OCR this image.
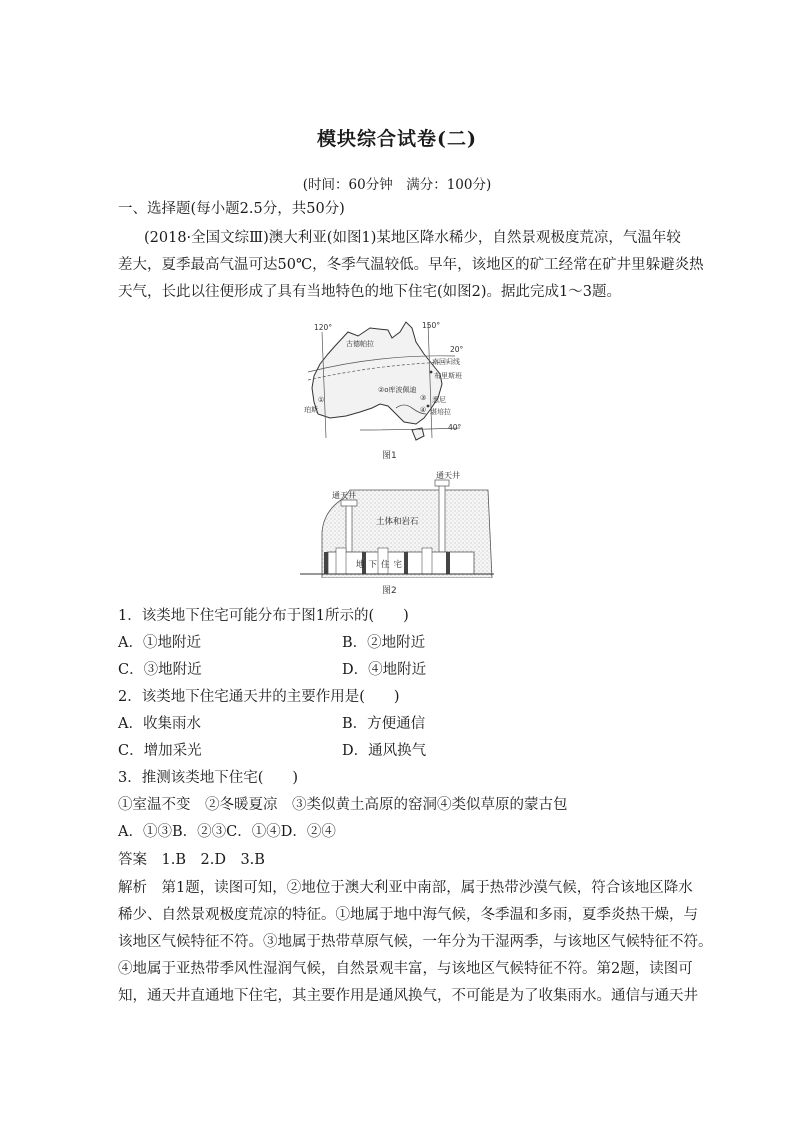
模块综合试卷(二)
(时间：60分钟　满分：100分)
一、选择题(每小题2.5分，共50分)
(2018·全国文综Ⅲ)澳大利亚(如图1)某地区降水稀少，自然景观极度荒凉，气温年较
差大，夏季最高气温可达50℃，冬季气温较低。早年，该地区的矿工经常在矿井里躲避炎热
天气，长此以往便形成了具有当地特色的地下住宅(如图2)。据此完成1～3题。
120°	150°
20°
40°
古德帕拉
南回归线
布里斯班
悉尼
堪培拉
珀斯
①
②o库波佩迪
③
④
图1
通天井
通天井
土体和岩石
地下住宅
图2
1．该类地下住宅可能分布于图1所示的(　　)
A．①地附近	B．②地附近
C．③地附近	D．④地附近
2．该类地下住宅通天井的主要作用是(　　)
A．收集雨水	B．方便通信
C．增加采光	D．通风换气
3．推测该类地下住宅(　　)
①室温不变　②冬暖夏凉　③类似黄土高原的窑洞④类似草原的蒙古包
A．①③B．②③C．①④D．②④
答案　1.B　2.D　3.B
解析　第1题，读图可知，②地位于澳大利亚中南部，属于热带沙漠气候，符合该地区降水
稀少、自然景观极度荒凉的特征。①地属于地中海气候，冬季温和多雨，夏季炎热干燥，与
该地区气候特征不符。③地属于热带草原气候，一年分为干湿两季，与该地区气候特征不符。
④地属于亚热带季风性湿润气候，自然景观丰富，与该地区气候特征不符。第2题，读图可
知，通天井直通地下住宅，其主要作用是通风换气，不可能是为了收集雨水。通信与通天井
